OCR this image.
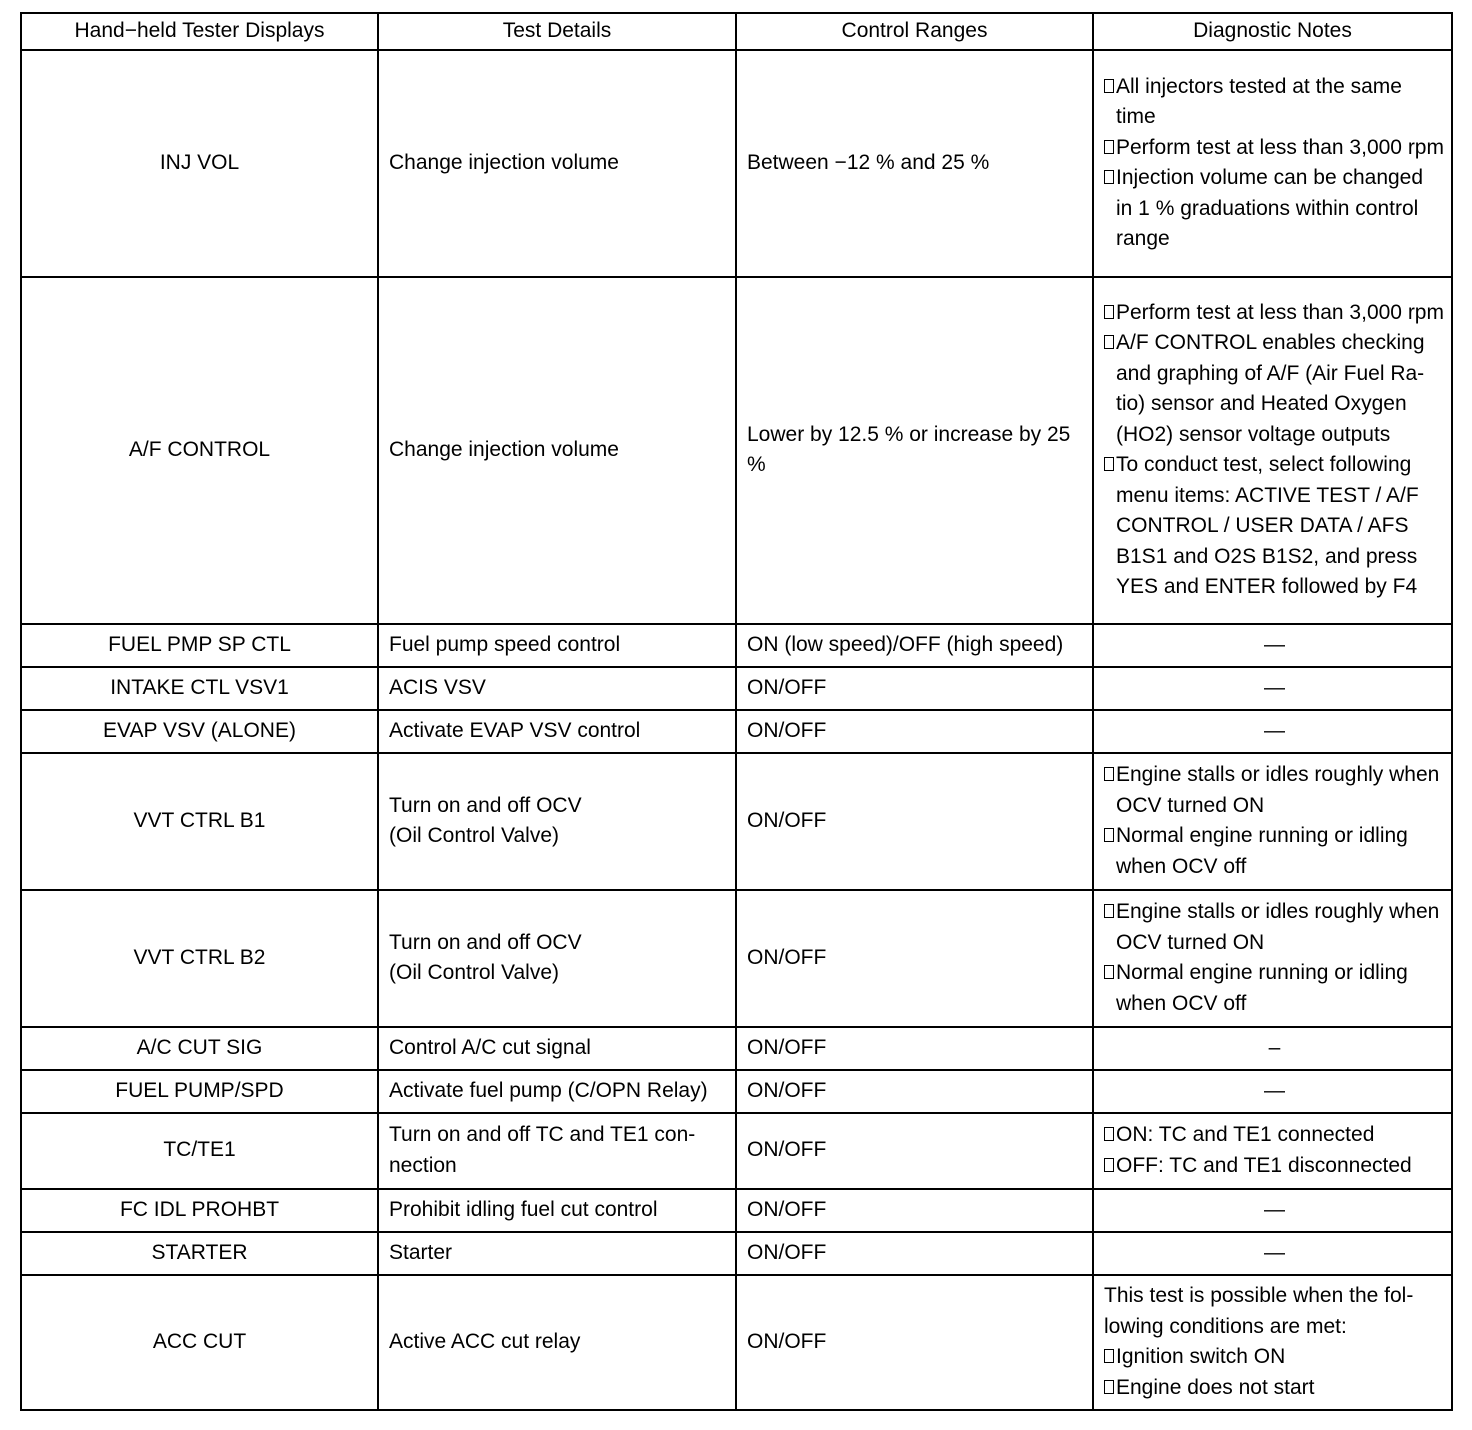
Hand−held Tester Displays	Test Details	Control Ranges	Diagnostic Notes
INJ VOL	Change injection volume	Between −12 % and 25 %	All injectors tested at the same time
Perform test at less than 3,000 rpm
Injection volume can be changed in 1 % graduations within control range

A/F CONTROL	Change injection volume	Lower by 12.5 % or increase by 25 %	Perform test at less than 3,000 rpm
A/F CONTROL enables checking and graphing of A/F (Air Fuel Ra-tio) sensor and Heated Oxygen (HO2) sensor voltage outputs
To conduct test, select following menu items: ACTIVE TEST / A/F CONTROL / USER DATA / AFS B1S1 and O2S B1S2, and press YES and ENTER followed by F4

FUEL PMP SP CTL	Fuel pump speed control	ON (low speed)/OFF (high speed)	—

INTAKE CTL VSV1	ACIS VSV	ON/OFF	—

EVAP VSV (ALONE)	Activate EVAP VSV control	ON/OFF	—

VVT CTRL B1	Turn on and off OCV
(Oil Control Valve)	ON/OFF	Engine stalls or idles roughly when OCV turned ON
Normal engine running or idling when OCV off

VVT CTRL B2	Turn on and off OCV
(Oil Control Valve)	ON/OFF	Engine stalls or idles roughly when OCV turned ON
Normal engine running or idling when OCV off

A/C CUT SIG	Control A/C cut signal	ON/OFF	–

FUEL PUMP/SPD	Activate fuel pump (C/OPN Relay)	ON/OFF	—

TC/TE1	Turn on and off TC and TE1 con-nection	ON/OFF	ON: TC and TE1 connected
OFF: TC and TE1 disconnected

FC IDL PROHBT	Prohibit idling fuel cut control	ON/OFF	—

STARTER	Starter	ON/OFF	—

ACC CUT	Active ACC cut relay	ON/OFF	This test is possible when the fol-lowing conditions are met:
Ignition switch ON
Engine does not start
